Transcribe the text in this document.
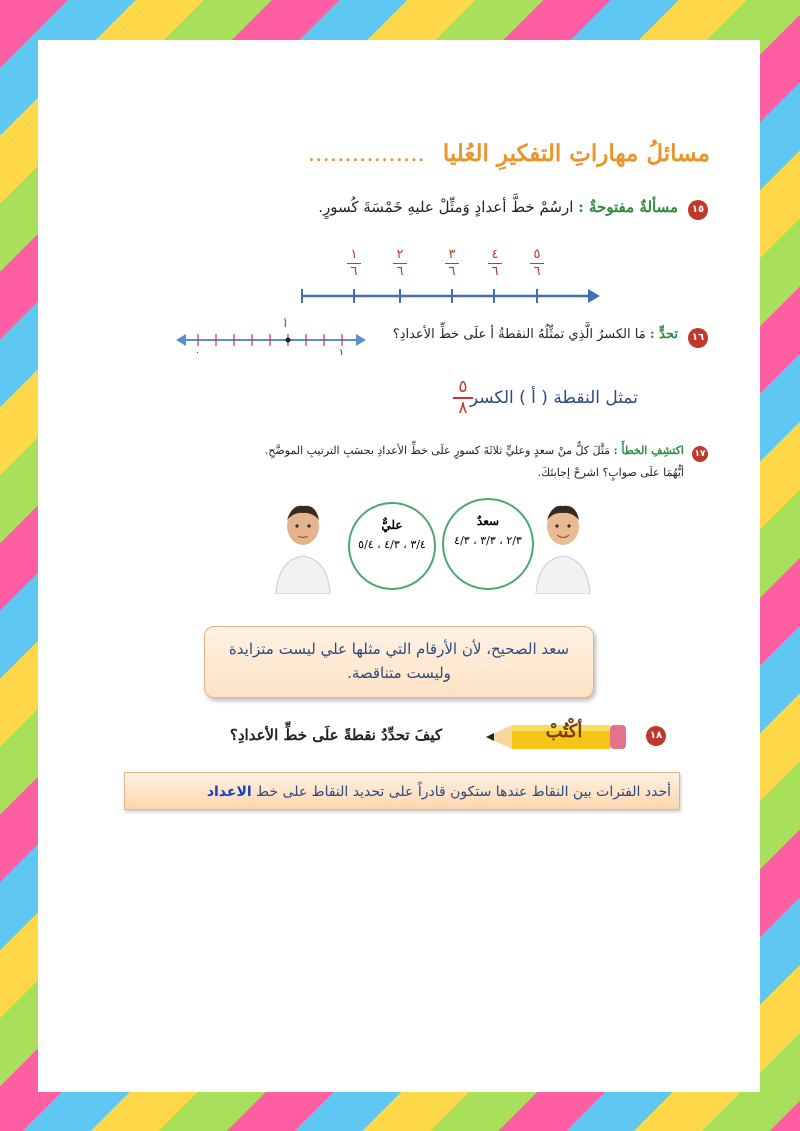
مسائلُ مهاراتِ التفكيرِ العُليا ................
١٥
مسألةٌ مفتوحةٌ : ارسُمْ خطَّ أعدادٍ وَمثِّلْ عليهِ خَمْسَةَ كُسورٍ.
١
٦
٢
٦
٣
٦
٤
٦
٥
٦
١٦
تحدٍّ : مَا الكسرُ الَّذِي تمثِّلُهُ النقطةُ أ علَى خطِّ الأعدادِ؟
أ
٠	١
٥
٨ تمثل النقطة ( أ ) الكسر
١٧
اكتشِفِ الخطأَ : مَثَّلَ كلٌّ منْ سعدٍ وعليٍّ ثلاثَةَ كسورٍ علَى خطِّ الأعدادِ بحسَبِ الترتيبِ الموضَّحِ.
أيُّهُمَا علَى صوابٍ؟ اشرحْ إجابتَكَ.
عليٌّ
٣/٤ ، ٤/٣ ، ٥/٤
سعدٌ
٢/٣ ، ٣/٣ ، ٤/٣
سعد الصحيح، لأن الأرقام التي مثلها علي ليست متزايدة وليست متناقصة.
١٨
أكْتُبْ
كيفَ تحدِّدُ نقطةً علَى خطِّ الأعدادِ؟
أحدد الفترات بين النقاط عندها ستكون قادراً على تحديد النقاط على خط الاعداد
